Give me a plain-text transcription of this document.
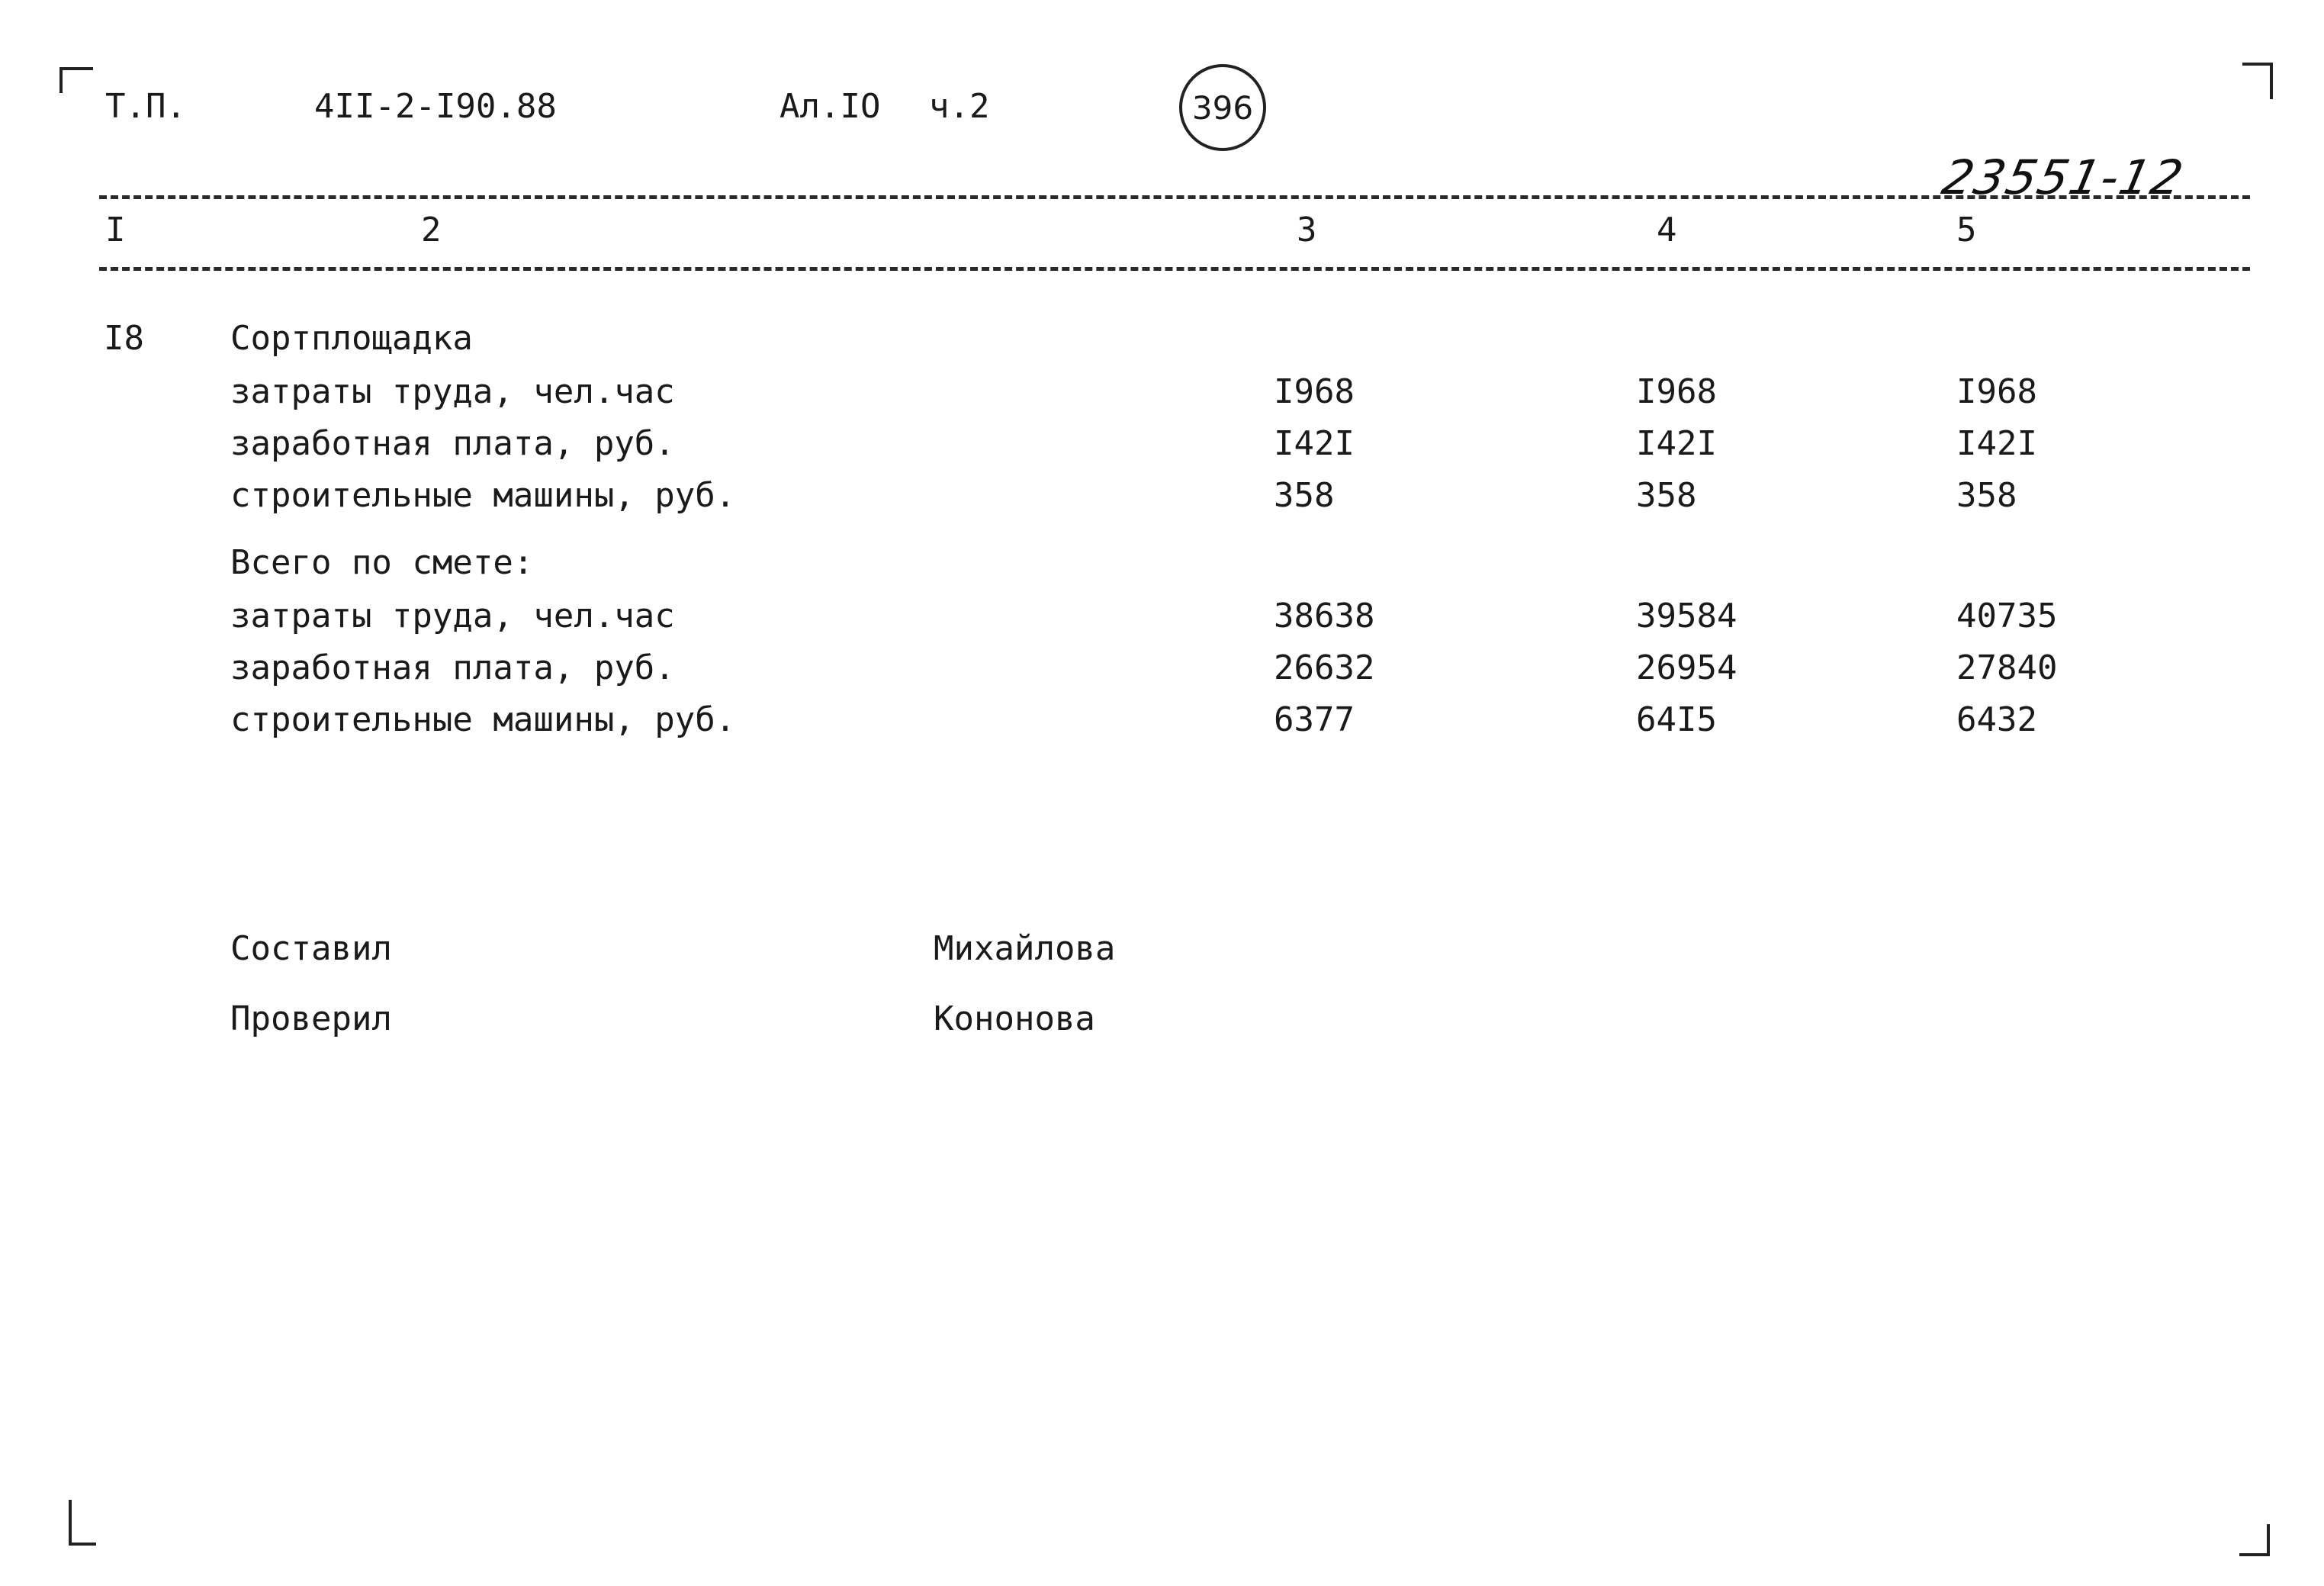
Т.П.	4II-2-I90.88	Ал.IO ч.2	396
23551-12
I	2	3	4	5
I8	Сортплощадка
затраты труда, чел.час	I968	I968	I968
заработная плата, руб.	I42I	I42I	I42I
строительные машины, руб.	358	358	358
Всего по смете:
затраты труда, чел.час	38638	39584	40735
заработная плата, руб.	26632	26954	27840
строительные машины, руб.	6377	64I5	6432
Составил	Михайлова
Проверил	Кононова
